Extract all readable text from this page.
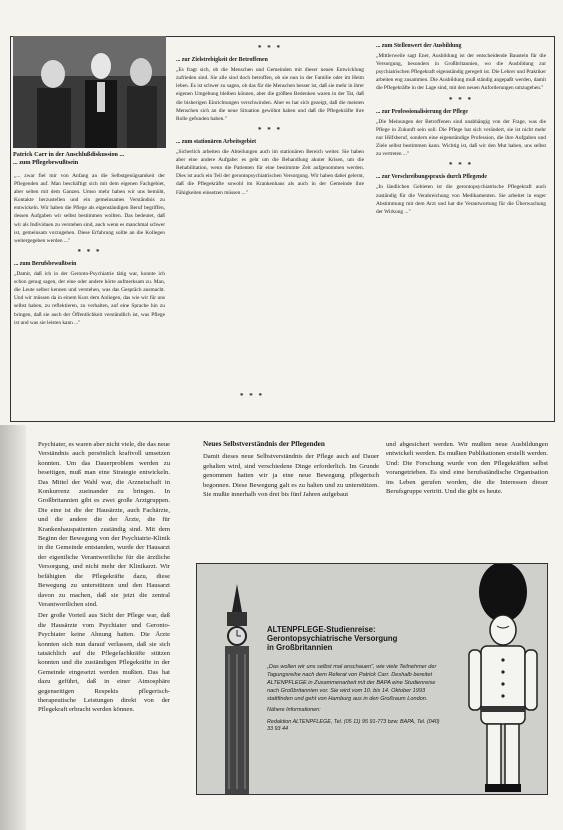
Patrick Carr in der Anschlußdiskussion ...
... zum Pflegebewußtsein

„... zwar fiel mir von Anfang an die Selbstgenügsamkeit der Pflegenden auf. Man beschäftigt sich mit dem eigenen Fachgebiet, aber selten mit dem Ganzen. Umso mehr haben wir uns bemüht, Kontakte herzustellen und ein gemeinsames Verständnis zu entwickeln. Wir haben die Pflege als eigenständigen Beruf begriffen, dessen Aufgaben wir selbst bestimmen wollten. Das bedeutet, daß wir als Individuen zu verstehen sind, auch wenn es manchmal schwer ist, gemeinsam vorzugehen. Diese Erfahrung sollte an die Kollegen weitergegeben werden ..."

* * *
... zum Berufsbewußtsein

„Damit, daß ich in der Geronto-Psychiatrie tätig war, konnte ich schon genug sagen, der eine oder andere hörte aufmerksam zu. Man, die Leute selber kennen und verstehen, was das Gespräch ausmacht. Und wir müssen da in einem Kurs dem Anliegen, das wie wir für uns selbst haben, zu reflektieren, zu verhalten, auf eine Sprache hin zu bringen, daß sie auch der Öffentlichkeit verständlich ist, was Pflege ist und was sie leisten kann ..."

* * *
... zur Zielstrebigkeit der Betroffenen

„Es fragt sich, ob die Menschen und Gemeinden mit dieser neuen Entwicklung zufrieden sind. Sie alle sind doch betroffen, ob sie nun in der Familie oder im Heim leben. Es ist schwer zu sagen, ob das für die Menschen besser ist, daß sie mehr in ihrer eigenen Umgebung bleiben können, aber die größten Bedenken waren in der Tat, daß die bisherigen Einrichtungen verschwinden. Aber es hat sich gezeigt, daß die meisten Menschen sich an die neue Situation gewöhnt haben und daß die Pflegekräfte ihre Rolle gefunden haben."

* * *
... zum stationären Arbeitsgebiet

„Sicherlich arbeiten die Abteilungen auch im stationären Bereich weiter. Sie haben aber eine andere Aufgabe: es geht um die Behandlung akuter Krisen, um die Rehabilitation, wenn die Patienten für eine bestimmte Zeit aufgenommen werden. Dies ist auch ein Teil der gerontopsychiatrischen Versorgung. Wir haben dabei gelernt, daß die Pflegekräfte sowohl im Krankenhaus als auch in der Gemeinde ihre Fähigkeiten einsetzen müssen ..."

... zum Stellenwert der Ausbildung

„Mittlerweile sagt Ener, Ausbildung ist der entscheidende Baustein für die Versorgung, besonders in Großbritannien, wo die Ausbildung zur psychiatrischen Pflegekraft eigenständig geregelt ist. Die Lehrer und Praktiker arbeiten eng zusammen. Die Ausbildung muß ständig angepaßt werden, damit die Pflegekräfte in der Lage sind, mit den neuen Anforderungen umzugehen."

* * *
... zur Professionalisierung der Pflege

„Die Meinungen der Betroffenen sind unabhängig von der Frage, was die Pflege in Zukunft sein soll. Die Pflege hat sich verändert, sie ist nicht mehr nur Hilfsberuf, sondern eine eigenständige Profession, die ihre Aufgaben und Ziele selbst bestimmen kann. Wichtig ist, daß wir den Mut haben, uns selbst zu vertreten ..."

* * *
... zur Verschreibungspraxis durch Pflegende

„In ländlichen Gebieten ist die gerontopsychiatrische Pflegekraft auch zuständig für die Verabreichung von Medikamenten. Sie arbeitet in enger Abstimmung mit dem Arzt und hat die Verantwortung für die Überwachung der Wirkung ..."

* * *

Psychiater, es waren aber nicht viele, die das neue Verständnis auch persönlich kraftvoll umsetzen konnten. Um das Dauerproblem werden zu beseitigen, muß man eine Strategie entwickeln. Das Mittel der Wahl war, die Arzneischaft in Konkurrenz zueinander zu bringen. In Großbritannien gibt es zwei große Arztgruppen. Die eine ist die der Hausärzte, auch Fachärzte, und die andere die der Ärzte, die für Krankenhauspatienten zuständig sind. Mit dem Beginn der Bewegung von der Psychiatrie-Klinik in die Gemeinde entstanden, wurde der Hausarzt der eigentliche Verantwortliche für die ärztliche Versorgung, und nicht mehr der Klinikarzt. Wir befähigten die Pflegekräfte dazu, diese Bewegung zu unterstützen und den Hausarzt davon zu machen, daß sie jetzt die zentral Verantwortlichen sind.

Der große Vorteil aus Sicht der Pflege war, daß die Hausärzte vom Psychiater und Geronto-Psychiater keine Ahnung hatten. Die Ärzte konnten sich nun darauf verlassen, daß sie sich tatsächlich auf die Pflegefachkräfte stützen konnten und die zuständigen Pflegekräfte in der Gemeinde eingesetzt werden mußten. Das hat dazu geführt, daß in einer Atmosphäre gegenseitigen Respekts pflegerisch-therapeutische Leistungen direkt von der Pflegekraft erbracht werden können.

Neues Selbstverständnis der Pflegenden

Damit dieses neue Selbstverständnis der Pflege auch auf Dauer gehalten wird, sind verschiedene Dinge erforderlich. Im Grunde genommen hatten wir ja eine neue Bewegung pflegerisch begonnen. Diese Bewegung galt es zu halten und zu unterstützen. Sie mußte innerhalb von drei bis fünf Jahren aufgebaut

und abgesichert werden. Wir mußten neue Ausbildungen entwickelt werden. Es mußten Publikationen erstellt werden. Und: Die Forschung wurde von den Pflegekräften selbst vorangetrieben. Es sind eine berufsständische Organisation ins Leben gerufen worden, die die Interessen dieser Berufsgruppe vertritt. Und die gibt es heute.

ALTENPFLEGE-Studienreise:

Gerontopsychiatrische Versorgung

in Großbritannien

„Das wollen wir uns selbst mal anschauen", wie viele Teilnehmer der Tagungsreihe nach dem Referat von Patrick Carr. Deshalb bereitet ALTENPFLEGE in Zusammenarbeit mit der BAPA eine Studienreise nach Großbritannien vor. Sie wird vom 10. bis 14. Oktober 1993 stattfinden und geht von Hamburg aus in den Großraum London.
Nähere Informationen:
Redaktion ALTENPFLEGE, Tel. (05 11) 95 91-773 bzw. BAPA, Tel. (040) 33 93 44
